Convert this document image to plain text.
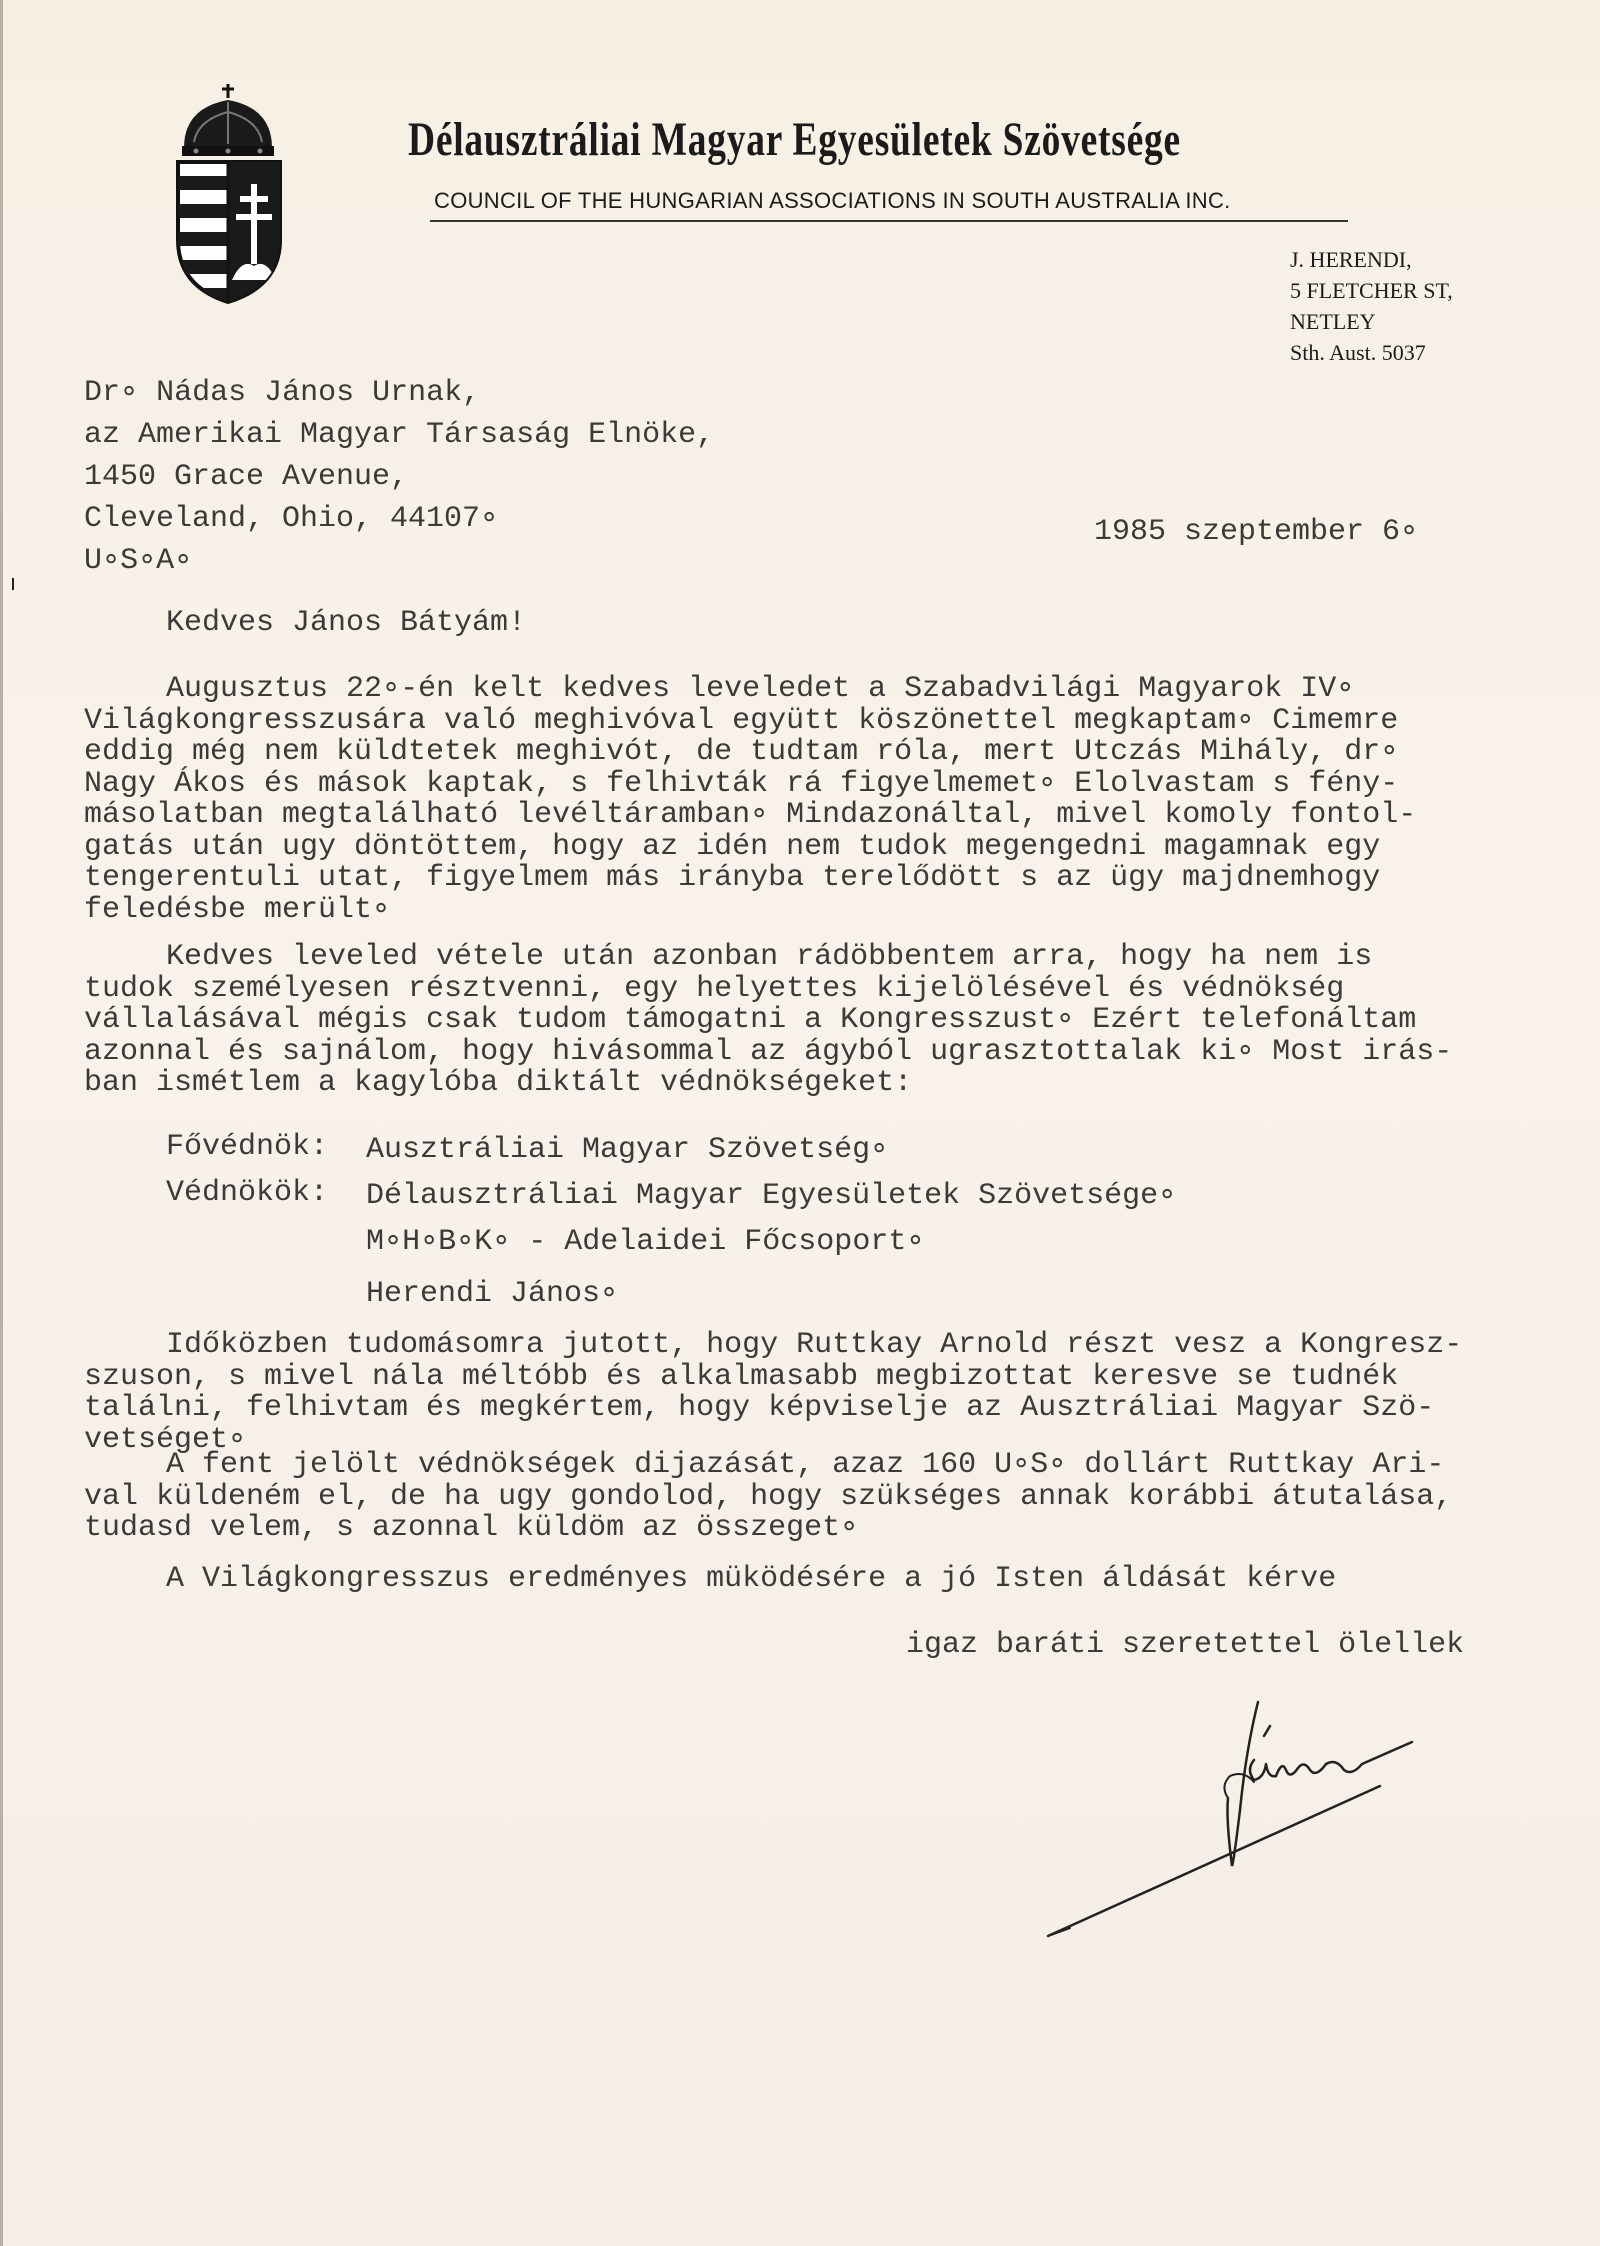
Délausztráliai Magyar Egyesületek Szövetsége
COUNCIL OF THE HUNGARIAN ASSOCIATIONS IN SOUTH AUSTRALIA INC.
J. HERENDI,
5 FLETCHER ST,
NETLEY
Sth. Aust. 5037
Dr∘ Nádas János Urnak,
az Amerikai Magyar Társaság Elnöke,
1450 Grace Avenue,
Cleveland, Ohio, 44107∘
U∘S∘A∘
1985 szeptember 6∘
Kedves János Bátyám!
Augusztus 22∘-én kelt kedves leveledet a Szabadvilági Magyarok IV∘
Világkongresszusára való meghivóval együtt köszönettel megkaptam∘ Cimemre
eddig még nem küldtetek meghivót, de tudtam róla, mert Utczás Mihály, dr∘
Nagy Ákos és mások kaptak, s felhivták rá figyelmemet∘ Elolvastam s fény-
másolatban megtalálható levéltáramban∘ Mindazonáltal, mivel komoly fontol-
gatás után ugy döntöttem, hogy az idén nem tudok megengedni magamnak egy
tengerentuli utat, figyelmem más irányba terelődött s az ügy majdnemhogy
feledésbe merült∘
Kedves leveled vétele után azonban rádöbbentem arra, hogy ha nem is
tudok személyesen résztvenni, egy helyettes kijelölésével és védnökség
vállalásával mégis csak tudom támogatni a Kongresszust∘ Ezért telefonáltam
azonnal és sajnálom, hogy hivásommal az ágyból ugrasztottalak ki∘ Most irás-
ban ismétlem a kagylóba diktált védnökségeket:
Fővédnök: Ausztráliai Magyar Szövetség∘
Védnökök: Délausztráliai Magyar Egyesületek Szövetsége∘
M∘H∘B∘K∘ - Adelaidei Főcsoport∘
Herendi János∘
Időközben tudomásomra jutott, hogy Ruttkay Arnold részt vesz a Kongresz-
szuson, s mivel nála méltóbb és alkalmasabb megbizottat keresve se tudnék
találni, felhivtam és megkértem, hogy képviselje az Ausztráliai Magyar Szö-
vetséget∘
A fent jelölt védnökségek dijazását, azaz 160 U∘S∘ dollárt Ruttkay Ari-
val küldeném el, de ha ugy gondolod, hogy szükséges annak korábbi átutalása,
tudasd velem, s azonnal küldöm az összeget∘
A Világkongresszus eredményes müködésére a jó Isten áldását kérve
igaz baráti szeretettel ölellek
